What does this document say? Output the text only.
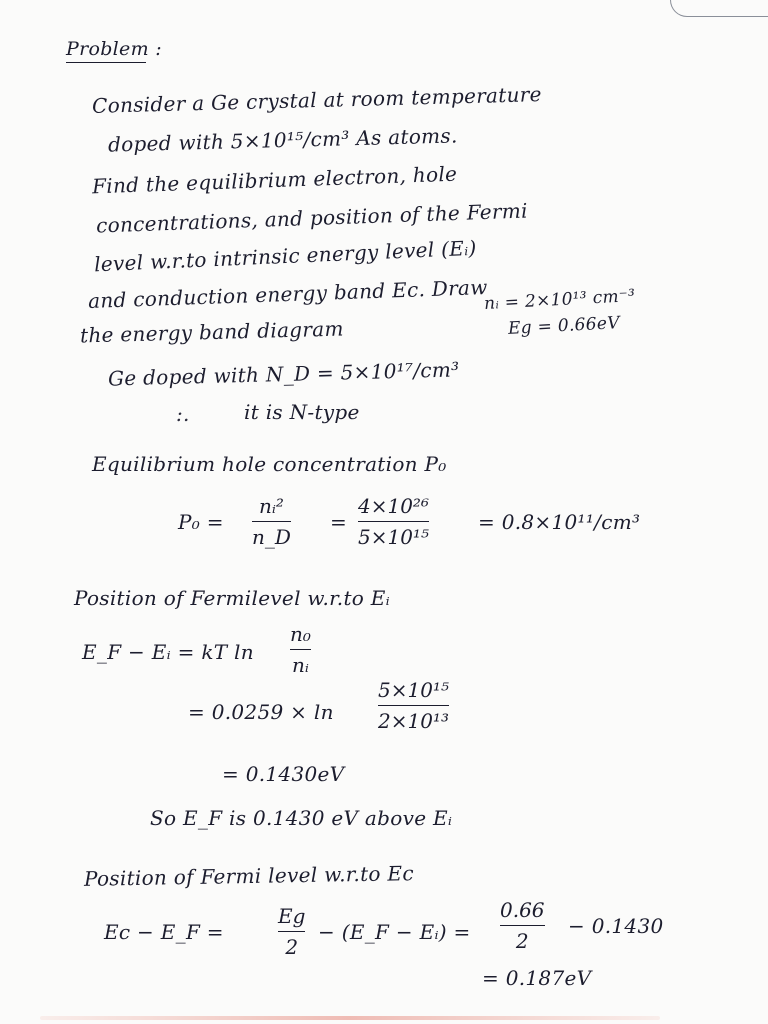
Problem :
Consider a Ge crystal at room temperature
doped with 5×10¹⁵/cm³ As atoms.
Find the equilibrium electron, hole
concentrations, and position of the Fermi
level w.r.to intrinsic energy level (Eᵢ)
and conduction energy band Ec. Draw
the energy band diagram
nᵢ = 2×10¹³ cm⁻³
Eg = 0.66eV
Ge doped with N_D = 5×10¹⁷/cm³
:.	it is N-type
Equilibrium hole concentration P₀
P₀ =
nᵢ²
n_D
=
4×10²⁶
5×10¹⁵
= 0.8×10¹¹/cm³
Position of Fermilevel w.r.to Eᵢ
E_F − Eᵢ = kT ln
n₀
nᵢ
= 0.0259 × ln
5×10¹⁵
2×10¹³
= 0.1430eV
So E_F is 0.1430 eV above Eᵢ
Position of Fermi level w.r.to Ec
Ec − E_F =
Eg
2
− (E_F − Eᵢ) =
0.66
2
− 0.1430
= 0.187eV
